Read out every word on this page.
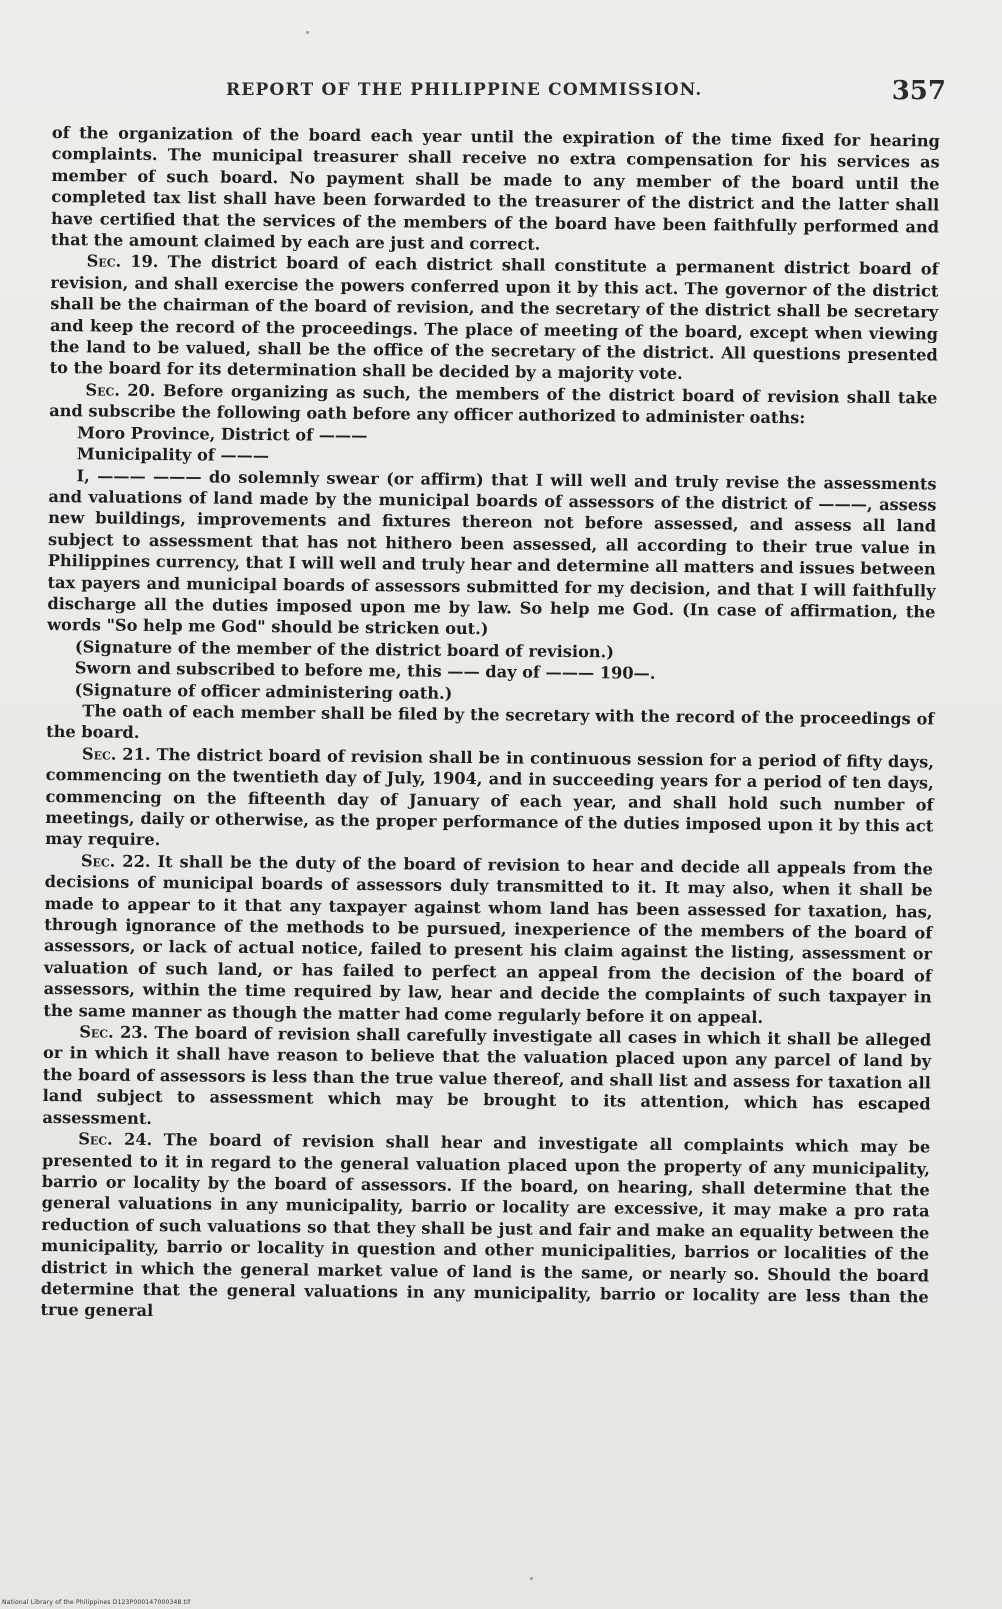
REPORT OF THE PHILIPPINE COMMISSION.	357

of the organization of the board each year until the expiration of the time fixed for hearing complaints. The municipal treasurer shall receive no extra compensation for his services as member of such board. No payment shall be made to any member of the board until the completed tax list shall have been forwarded to the treasurer of the district and the latter shall have certified that the services of the members of the board have been faithfully performed and that the amount claimed by each are just and correct.

Sec. 19. The district board of each district shall constitute a permanent district board of revision, and shall exercise the powers conferred upon it by this act. The governor of the district shall be the chairman of the board of revision, and the secretary of the district shall be secretary and keep the record of the proceedings. The place of meeting of the board, except when viewing the land to be valued, shall be the office of the secretary of the district. All questions presented to the board for its determination shall be decided by a majority vote.

Sec. 20. Before organizing as such, the members of the district board of revision shall take and subscribe the following oath before any officer authorized to administer oaths:

Moro Province, District of ———

Municipality of ———

I, ——— ——— do solemnly swear (or affirm) that I will well and truly revise the assessments and valuations of land made by the municipal boards of assessors of the district of ———, assess new buildings, improvements and fixtures thereon not before assessed, and assess all land subject to assessment that has not hithero been assessed, all according to their true value in Philippines currency, that I will well and truly hear and determine all matters and issues between tax payers and municipal boards of assessors submitted for my decision, and that I will faithfully discharge all the duties imposed upon me by law. So help me God. (In case of affirmation, the words "So help me God" should be stricken out.)

(Signature of the member of the district board of revision.)

Sworn and subscribed to before me, this —— day of ——— 190—.

(Signature of officer administering oath.)

The oath of each member shall be filed by the secretary with the record of the proceedings of the board.

Sec. 21. The district board of revision shall be in continuous session for a period of fifty days, commencing on the twentieth day of July, 1904, and in succeeding years for a period of ten days, commencing on the fifteenth day of January of each year, and shall hold such number of meetings, daily or otherwise, as the proper performance of the duties imposed upon it by this act may require.

Sec. 22. It shall be the duty of the board of revision to hear and decide all appeals from the decisions of municipal boards of assessors duly transmitted to it. It may also, when it shall be made to appear to it that any taxpayer against whom land has been assessed for taxation, has, through ignorance of the methods to be pursued, inexperience of the members of the board of assessors, or lack of actual notice, failed to present his claim against the listing, assessment or valuation of such land, or has failed to perfect an appeal from the decision of the board of assessors, within the time required by law, hear and decide the complaints of such taxpayer in the same manner as though the matter had come regularly before it on appeal.

Sec. 23. The board of revision shall carefully investigate all cases in which it shall be alleged or in which it shall have reason to believe that the valuation placed upon any parcel of land by the board of assessors is less than the true value thereof, and shall list and assess for taxation all land subject to assessment which may be brought to its attention, which has escaped assessment.

Sec. 24. The board of revision shall hear and investigate all complaints which may be presented to it in regard to the general valuation placed upon the property of any municipality, barrio or locality by the board of assessors. If the board, on hearing, shall determine that the general valuations in any municipality, barrio or locality are excessive, it may make a pro rata reduction of such valuations so that they shall be just and fair and make an equality between the municipality, barrio or locality in question and other municipalities, barrios or localities of the district in which the general market value of land is the same, or nearly so. Should the board determine that the general valuations in any municipality, barrio or locality are less than the true general

National Library of the Philippines D123P000147000348.tif
